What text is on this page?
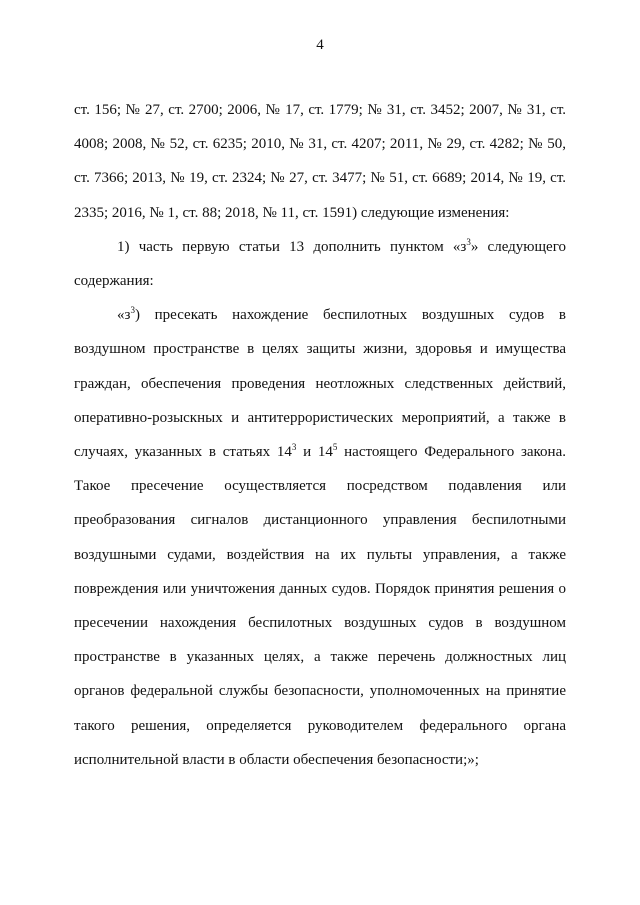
4

ст. 156; № 27, ст. 2700; 2006, № 17, ст. 1779; № 31, ст. 3452; 2007, № 31, ст. 4008; 2008, № 52, ст. 6235; 2010, № 31, ст. 4207; 2011, № 29, ст. 4282; № 50, ст. 7366; 2013, № 19, ст. 2324; № 27, ст. 3477; № 51, ст. 6689; 2014, № 19, ст. 2335; 2016, № 1, ст. 88; 2018, № 11, ст. 1591) следующие изменения:

1) часть первую статьи 13 дополнить пунктом «$з^3$» следующего содержания:

«$з^3$) пресекать нахождение беспилотных воздушных судов в воздушном пространстве в целях защиты жизни, здоровья и имущества граждан, обеспечения проведения неотложных следственных действий, оперативно-розыскных и антитеррористических мероприятий, а также в случаях, указанных в статьях $14^3$ и $14^5$ настоящего Федерального закона. Такое пресечение осуществляется посредством подавления или преобразования сигналов дистанционного управления беспилотными воздушными судами, воздействия на их пульты управления, а также повреждения или уничтожения данных судов. Порядок принятия решения о пресечении нахождения беспилотных воздушных судов в воздушном пространстве в указанных целях, а также перечень должностных лиц органов федеральной службы безопасности, уполномоченных на принятие такого решения, определяется руководителем федерального органа исполнительной власти в области обеспечения безопасности;»;
